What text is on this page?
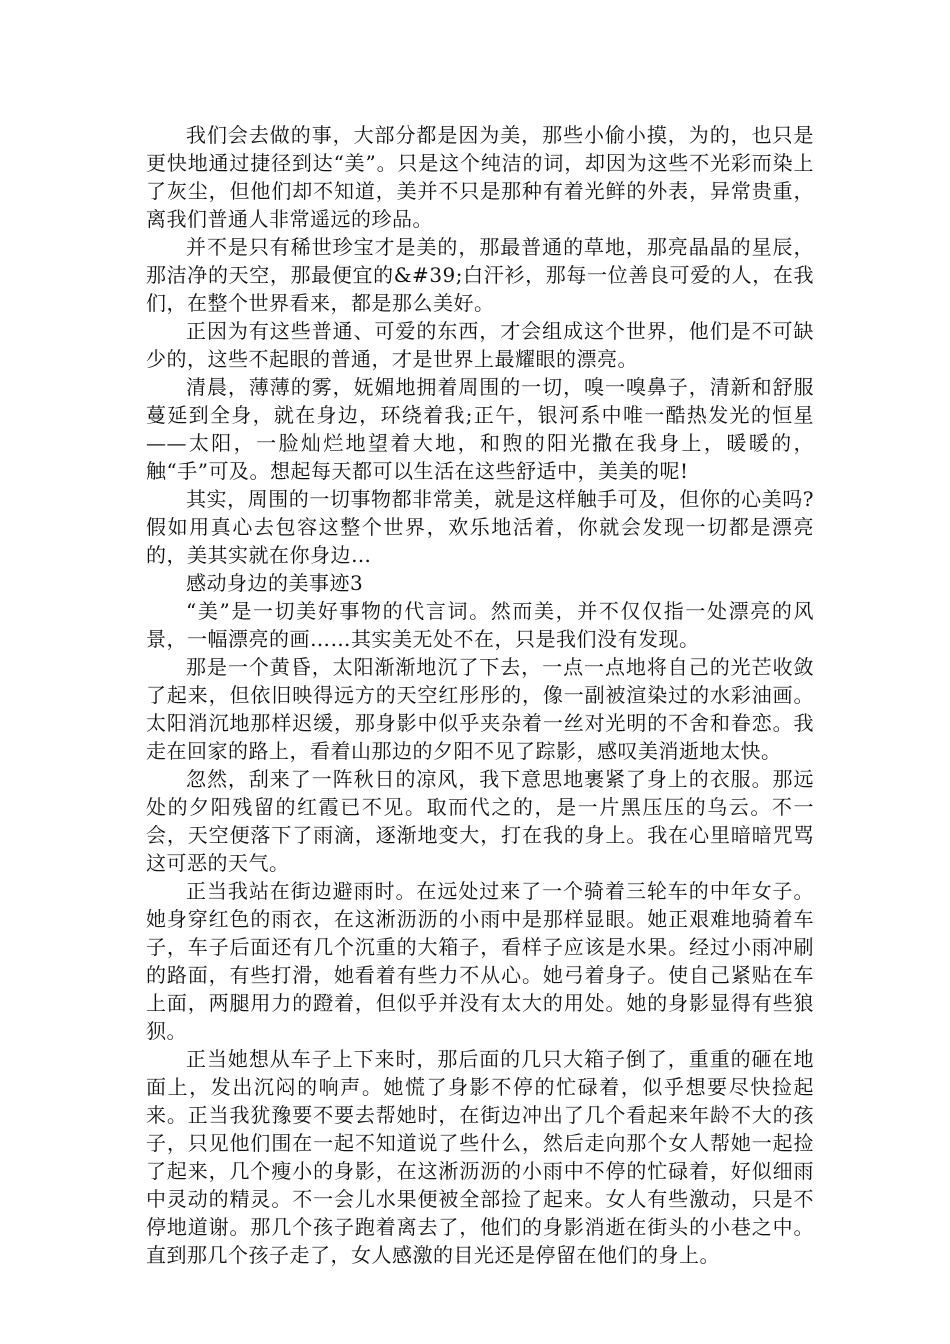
我们会去做的事，大部分都是因为美，那些小偷小摸，为的，也只是更快地通过捷径到达“美”。只是这个纯洁的词，却因为这些不光彩而染上了灰尘，但他们却不知道，美并不只是那种有着光鲜的外表，异常贵重，离我们普通人非常遥远的珍品。

并不是只有稀世珍宝才是美的，那最普通的草地，那亮晶晶的星辰，那洁净的天空，那最便宜的&#39;白汗衫，那每一位善良可爱的人，在我们，在整个世界看来，都是那么美好。

正因为有这些普通、可爱的东西，才会组成这个世界，他们是不可缺少的，这些不起眼的普通，才是世界上最耀眼的漂亮。

清晨，薄薄的雾，妩媚地拥着周围的一切，嗅一嗅鼻子，清新和舒服蔓延到全身，就在身边，环绕着我;正午，银河系中唯一酷热发光的恒星——太阳，一脸灿烂地望着大地，和煦的阳光撒在我身上，暖暖的，触“手”可及。想起每天都可以生活在这些舒适中，美美的呢!

其实，周围的一切事物都非常美，就是这样触手可及，但你的心美吗?假如用真心去包容这整个世界，欢乐地活着，你就会发现一切都是漂亮的，美其实就在你身边…

感动身边的美事迹3

“美”是一切美好事物的代言词。然而美，并不仅仅指一处漂亮的风景，一幅漂亮的画……其实美无处不在，只是我们没有发现。

那是一个黄昏，太阳渐渐地沉了下去，一点一点地将自己的光芒收敛了起来，但依旧映得远方的天空红彤彤的，像一副被渲染过的水彩油画。太阳消沉地那样迟缓，那身影中似乎夹杂着一丝对光明的不舍和眷恋。我走在回家的路上，看着山那边的夕阳不见了踪影，感叹美消逝地太快。

忽然，刮来了一阵秋日的凉风，我下意思地裹紧了身上的衣服。那远处的夕阳残留的红霞已不见。取而代之的，是一片黑压压的乌云。不一会，天空便落下了雨滴，逐渐地变大，打在我的身上。我在心里暗暗咒骂这可恶的天气。

正当我站在街边避雨时。在远处过来了一个骑着三轮车的中年女子。她身穿红色的雨衣，在这淅沥沥的小雨中是那样显眼。她正艰难地骑着车子，车子后面还有几个沉重的大箱子，看样子应该是水果。经过小雨冲刷的路面，有些打滑，她看着有些力不从心。她弓着身子。使自己紧贴在车上面，两腿用力的蹬着，但似乎并没有太大的用处。她的身影显得有些狼狈。

正当她想从车子上下来时，那后面的几只大箱子倒了，重重的砸在地面上，发出沉闷的响声。她慌了身影不停的忙碌着，似乎想要尽快捡起来。正当我犹豫要不要去帮她时，在街边冲出了几个看起来年龄不大的孩子，只见他们围在一起不知道说了些什么，然后走向那个女人帮她一起捡了起来，几个瘦小的身影，在这淅沥沥的小雨中不停的忙碌着，好似细雨中灵动的精灵。不一会儿水果便被全部捡了起来。女人有些激动，只是不停地道谢。那几个孩子跑着离去了，他们的身影消逝在街头的小巷之中。直到那几个孩子走了，女人感激的目光还是停留在他们的身上。
